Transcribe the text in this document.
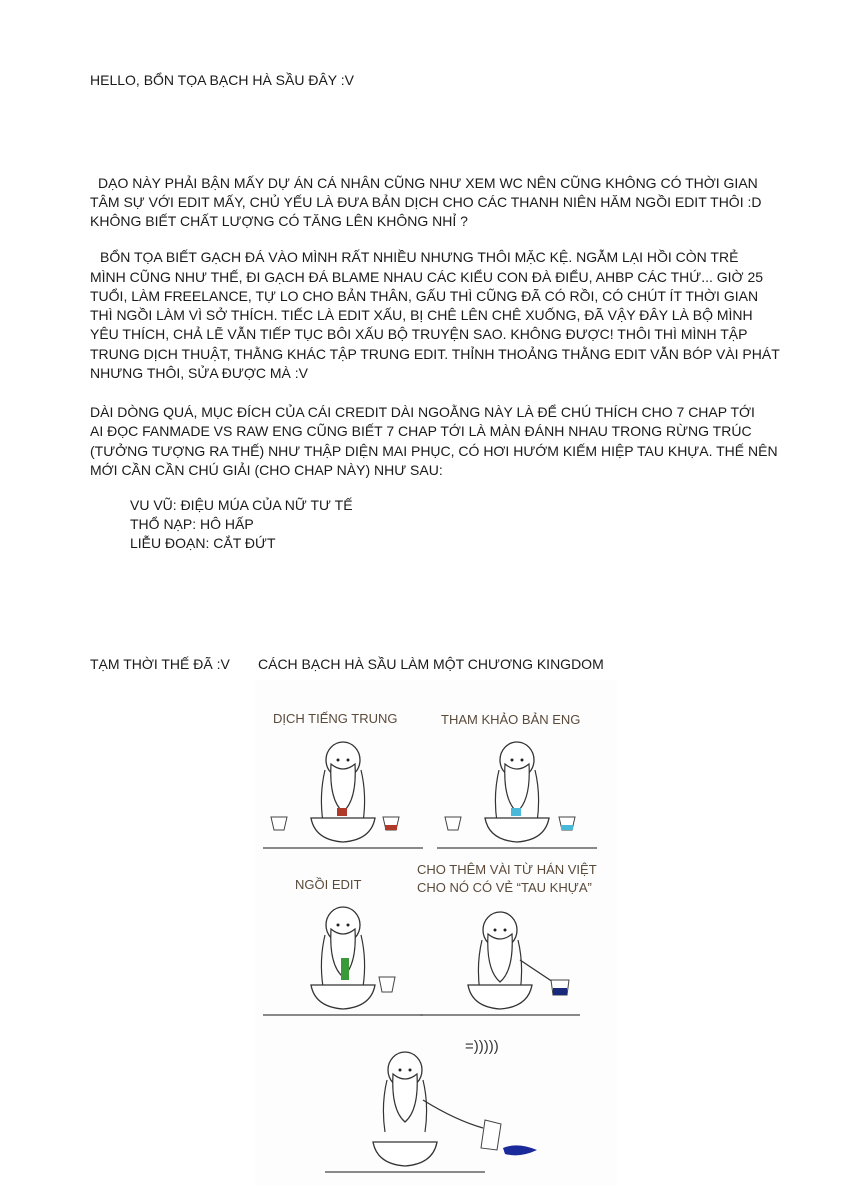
HELLO, BỔN TỌA BẠCH HÀ SẦU ĐÂY :V
DẠO NÀY PHẢI BẬN MẤY DỰ ÁN CÁ NHÂN CŨNG NHƯ XEM WC NÊN CŨNG KHÔNG CÓ THỜI GIAN
TÂM SỰ VỚI EDIT MẤY, CHỦ YẾU LÀ ĐƯA BẢN DỊCH CHO CÁC THANH NIÊN HĂM NGỒI EDIT THÔI :D
KHÔNG BIẾT CHẤT LƯỢNG CÓ TĂNG LÊN KHÔNG NHỈ ?
BỔN TỌA BIẾT GẠCH ĐÁ VÀO MÌNH RẤT NHIỀU NHƯNG THÔI MẶC KỆ. NGẪM LẠI HỒI CÒN TRẺ
MÌNH CŨNG NHƯ THẾ, ĐI GẠCH ĐÁ BLAME NHAU CÁC KIỂU CON ĐÀ ĐIỂU, AHBP CÁC THỨ... GIỜ 25
TUỔI, LÀM FREELANCE, TỰ LO CHO BẢN THÂN, GẤU THÌ CŨNG ĐÃ CÓ RỒI, CÓ CHÚT ÍT THỜI GIAN
THÌ NGỒI LÀM VÌ SỞ THÍCH. TIẾC LÀ EDIT XẤU, BỊ CHÊ LÊN CHÊ XUỐNG, ĐÃ VẬY ĐÂY LÀ BỘ MÌNH
YÊU THÍCH, CHẢ LẼ VẪN TIẾP TỤC BÔI XẤU BỘ TRUYỆN SAO. KHÔNG ĐƯỢC! THÔI THÌ MÌNH TẬP
TRUNG DỊCH THUẬT, THẰNG KHÁC TẬP TRUNG EDIT. THỈNH THOẢNG THẰNG EDIT VẪN BÓP VÀI PHÁT
NHƯNG THÔI, SỬA ĐƯỢC MÀ :V
DÀI DÒNG QUÁ, MỤC ĐÍCH CỦA CÁI CREDIT DÀI NGOẰNG NÀY LÀ ĐỂ CHÚ THÍCH CHO 7 CHAP TỚI
AI ĐỌC FANMADE VS RAW ENG CŨNG BIẾT 7 CHAP TỚI LÀ MÀN ĐÁNH NHAU TRONG RỪNG TRÚC
(TƯỞNG TƯỢNG RA THẾ) NHƯ THẬP DIỆN MAI PHỤC, CÓ HƠI HƯỚM KIẾM HIỆP TAU KHỰA. THẾ NÊN
MỚI CẦN CẦN CHÚ GIẢI (CHO CHAP NÀY) NHƯ SAU:
VU VŨ: ĐIỆU MÚA CỦA NỮ TƯ TẾ
THỔ NẠP: HÔ HẤP
LIỄU ĐOẠN: CẮT ĐỨT
TẠM THỜI THẾ ĐÃ :V CÁCH BẠCH HÀ SẦU LÀM MỘT CHƯƠNG KINGDOM
DỊCH TIẾNG TRUNG	THAM KHẢO BẢN ENG
NGỒI EDIT
CHO THÊM VÀI TỪ HÁN VIỆT
CHO NÓ CÓ VẺ “TAU KHỰA”
=)))))
